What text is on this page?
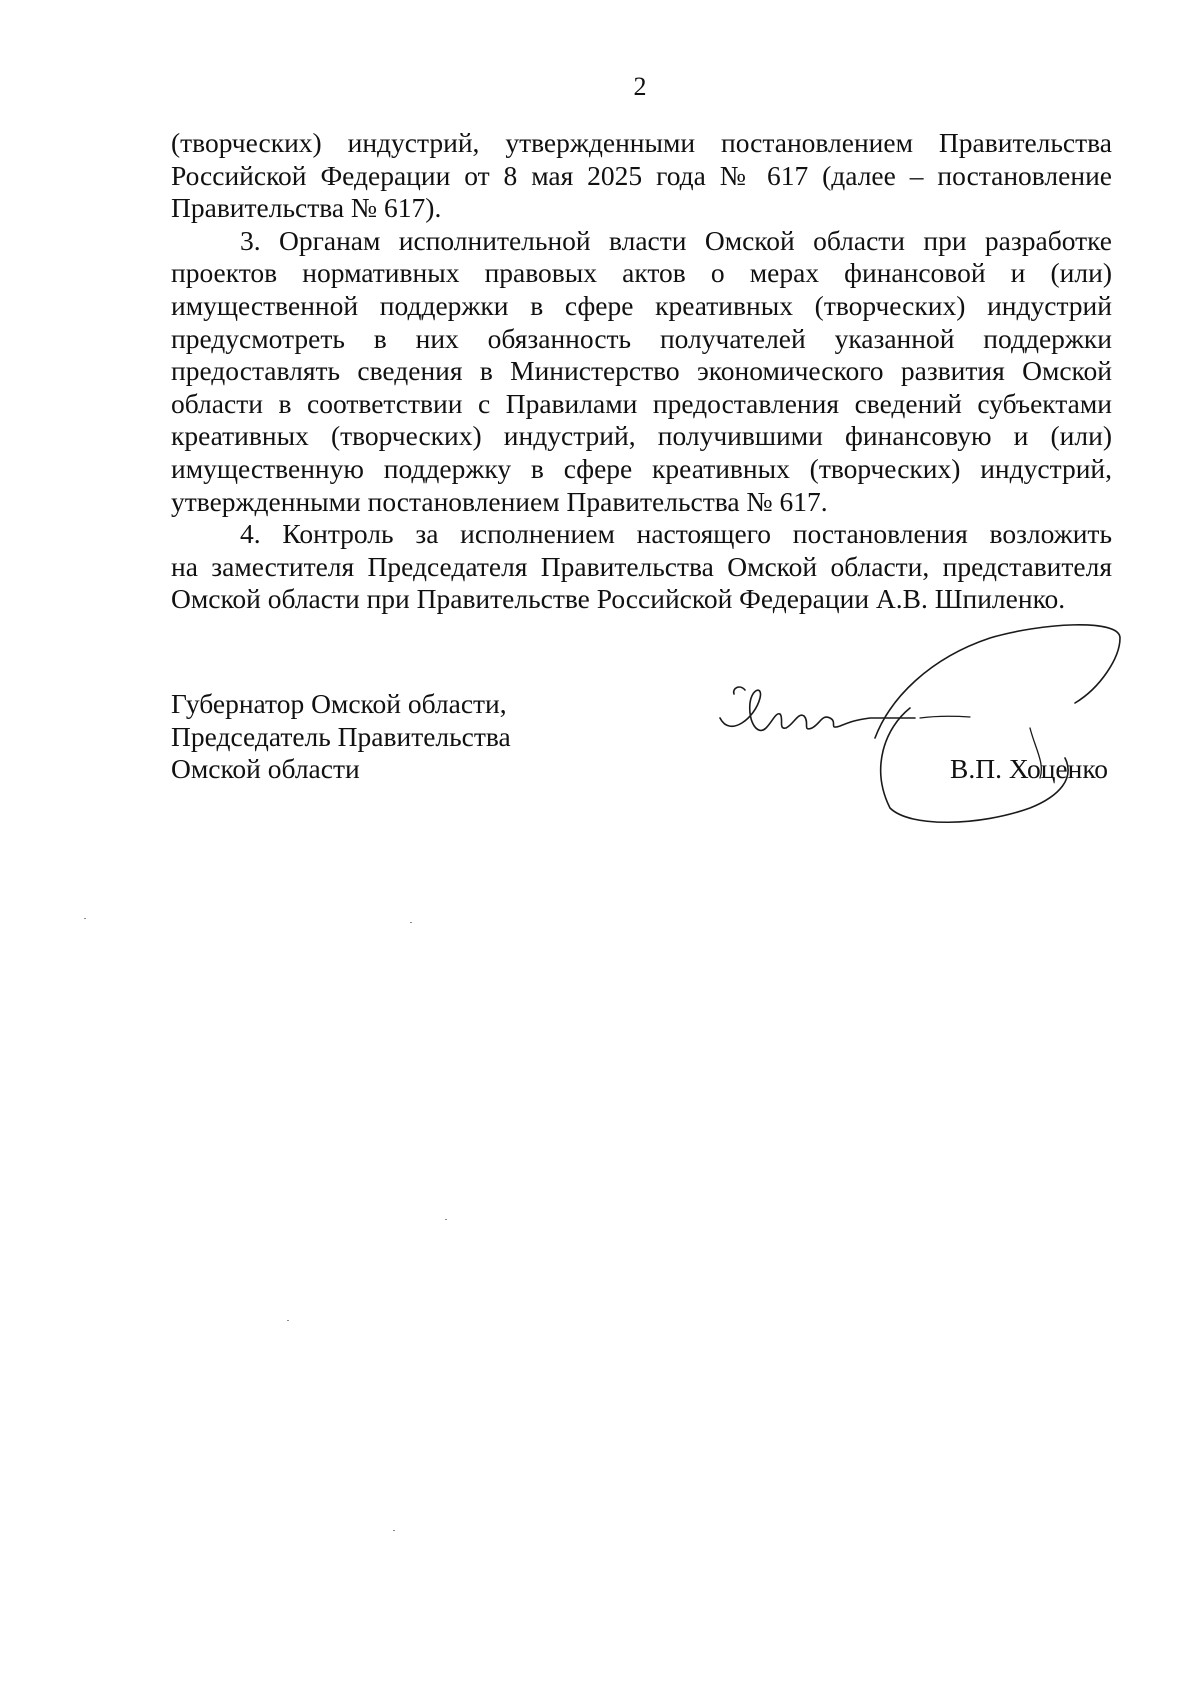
2

(творческих) индустрий, утвержденными постановлением Правительства
Российской Федерации от 8 мая 2025 года № 617 (далее – постановление
Правительства № 617).

3. Органам исполнительной власти Омской области при разработке
проектов нормативных правовых актов о мерах финансовой и (или)
имущественной поддержки в сфере креативных (творческих) индустрий
предусмотреть в них обязанность получателей указанной поддержки
предоставлять сведения в Министерство экономического развития Омской
области в соответствии с Правилами предоставления сведений субъектами
креативных (творческих) индустрий, получившими финансовую и (или)
имущественную поддержку в сфере креативных (творческих) индустрий,
утвержденными постановлением Правительства № 617.

4. Контроль за исполнением настоящего постановления возложить
на заместителя Председателя Правительства Омской области, представителя
Омской области при Правительстве Российской Федерации А.В. Шпиленко.

Губернатор Омской области,
Председатель Правительства
Омской области	В.П. Хоценко
